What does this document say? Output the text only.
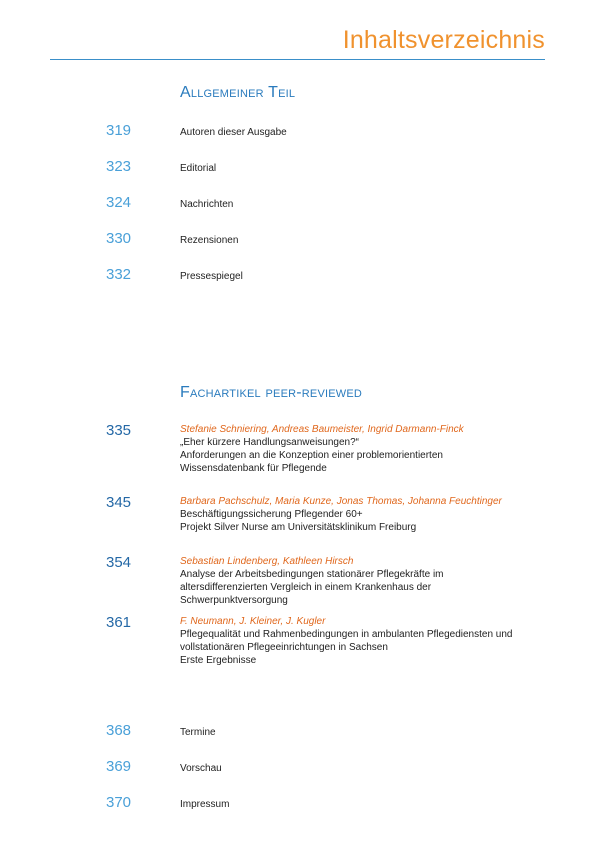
Inhaltsverzeichnis
Allgemeiner Teil
319	Autoren dieser Ausgabe
323	Editorial
324	Nachrichten
330	Rezensionen
332	Pressespiegel
Fachartikel peer-reviewed
335	Stefanie Schniering, Andreas Baumeister, Ingrid Darmann-Finck
„Eher kürzere Handlungsanweisungen?“
Anforderungen an die Konzeption einer problemorientierten
Wissensdatenbank für Pflegende
345	Barbara Pachschulz, Maria Kunze, Jonas Thomas, Johanna Feuchtinger
Beschäftigungssicherung Pflegender 60+
Projekt Silver Nurse am Universitätsklinikum Freiburg
354	Sebastian Lindenberg, Kathleen Hirsch
Analyse der Arbeitsbedingungen stationärer Pflegekräfte im
altersdifferenzierten Vergleich in einem Krankenhaus der
Schwerpunktversorgung
361	F. Neumann, J. Kleiner, J. Kugler
Pflegequalität und Rahmenbedingungen in ambulanten Pflegediensten und
vollstationären Pflegeeinrichtungen in Sachsen
Erste Ergebnisse
368	Termine
369	Vorschau
370	Impressum
